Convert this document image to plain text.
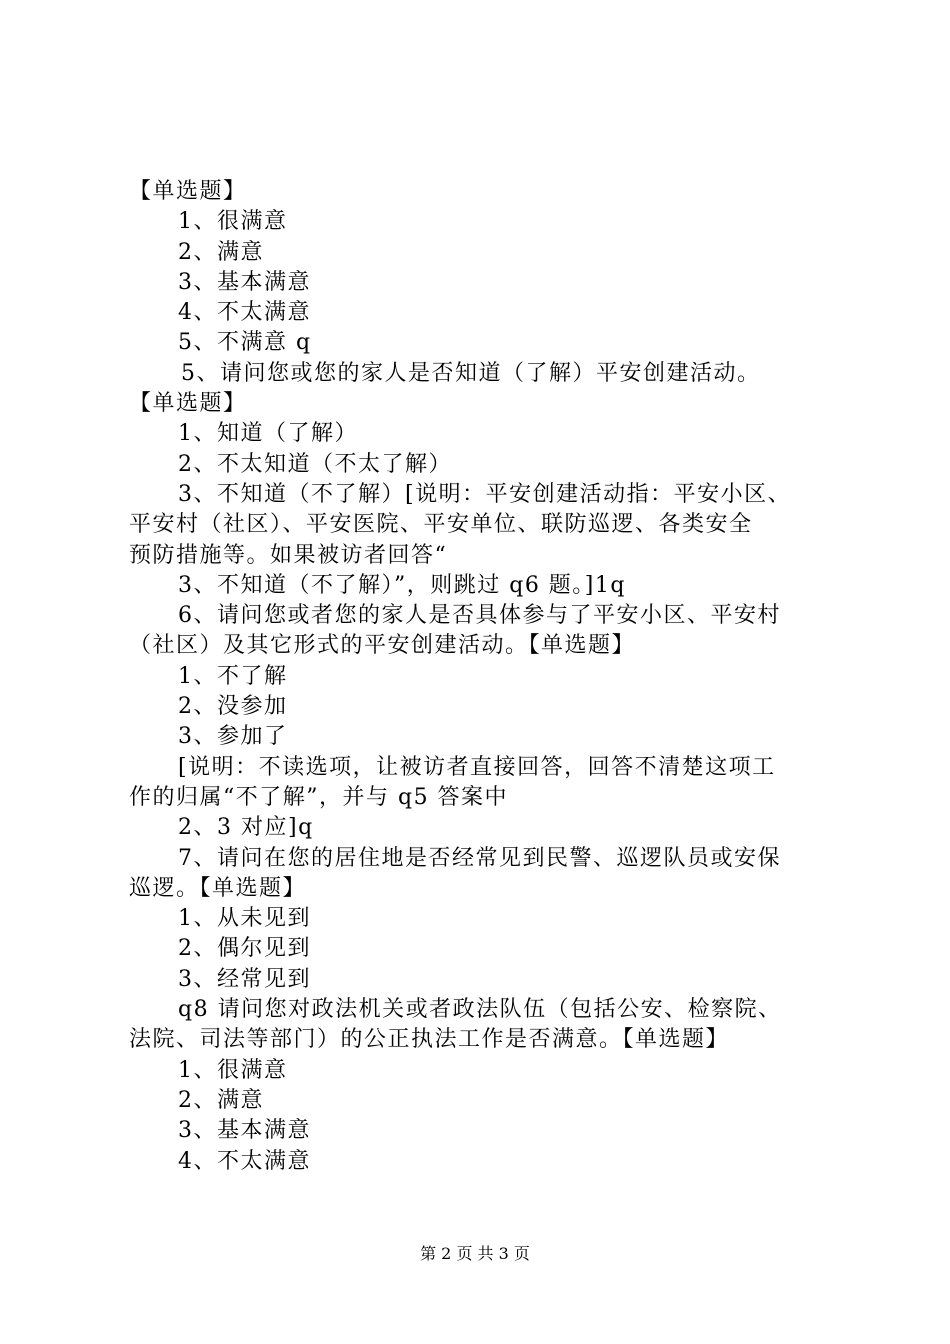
【单选题】
1、很满意
2、满意
3、基本满意
4、不太满意
5、不满意 q
5、请问您或您的家人是否知道（了解）平安创建活动。
【单选题】
1、知道（了解）
2、不太知道（不太了解）
3、不知道（不了解）[说明：平安创建活动指：平安小区、
平安村（社区）、平安医院、平安单位、联防巡逻、各类安全
预防措施等。如果被访者回答“
3、不知道（不了解）”，则跳过 q6 题。]1q
6、请问您或者您的家人是否具体参与了平安小区、平安村
（社区）及其它形式的平安创建活动。【单选题】
1、不了解
2、没参加
3、参加了
[说明：不读选项，让被访者直接回答，回答不清楚这项工
作的归属“不了解”，并与 q5 答案中
2、3 对应]q
7、请问在您的居住地是否经常见到民警、巡逻队员或安保
巡逻。【单选题】
1、从未见到
2、偶尔见到
3、经常见到
q8 请问您对政法机关或者政法队伍（包括公安、检察院、
法院、司法等部门）的公正执法工作是否满意。【单选题】
1、很满意
2、满意
3、基本满意
4、不太满意
第 2 页 共 3 页
